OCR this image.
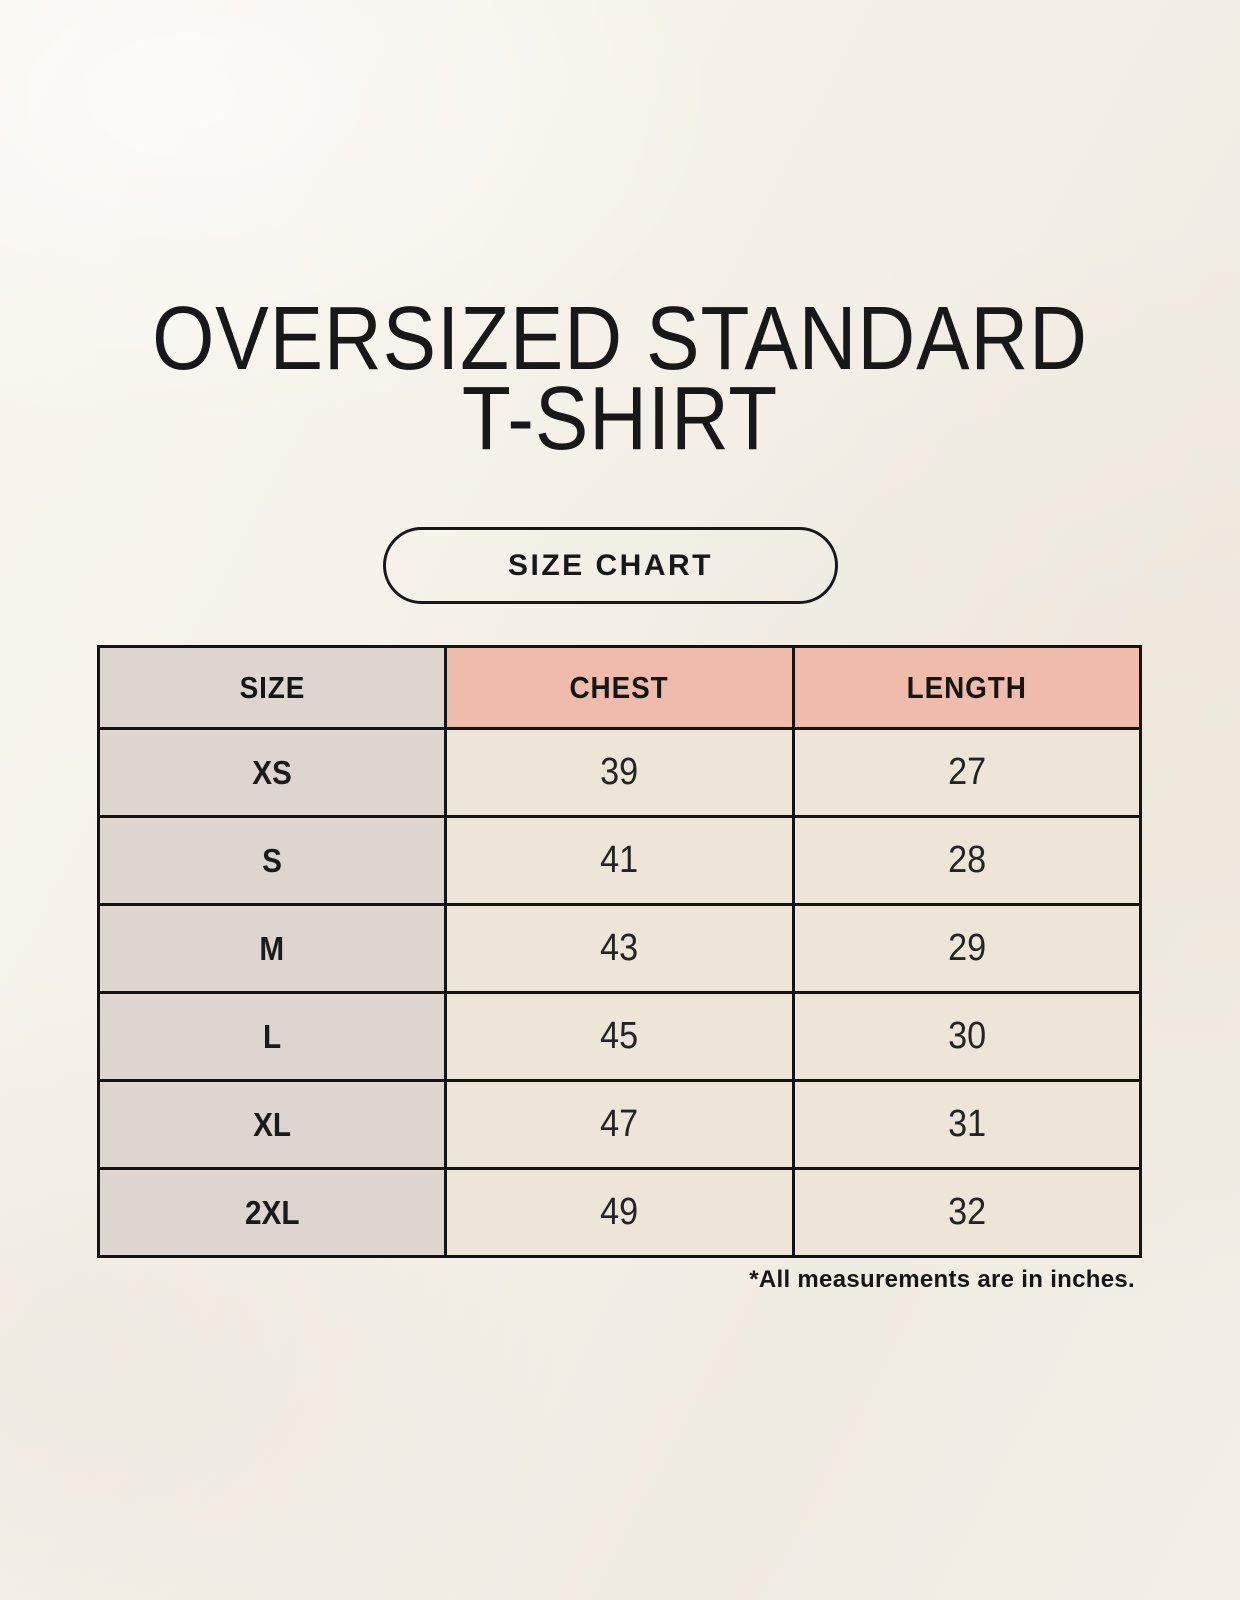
OVERSIZED STANDARD
T-SHIRT
SIZE CHART
SIZE	CHEST	LENGTH
XS	39	27
S	41	28
M	43	29
L	45	30
XL	47	31
2XL	49	32
*All measurements are in inches.
